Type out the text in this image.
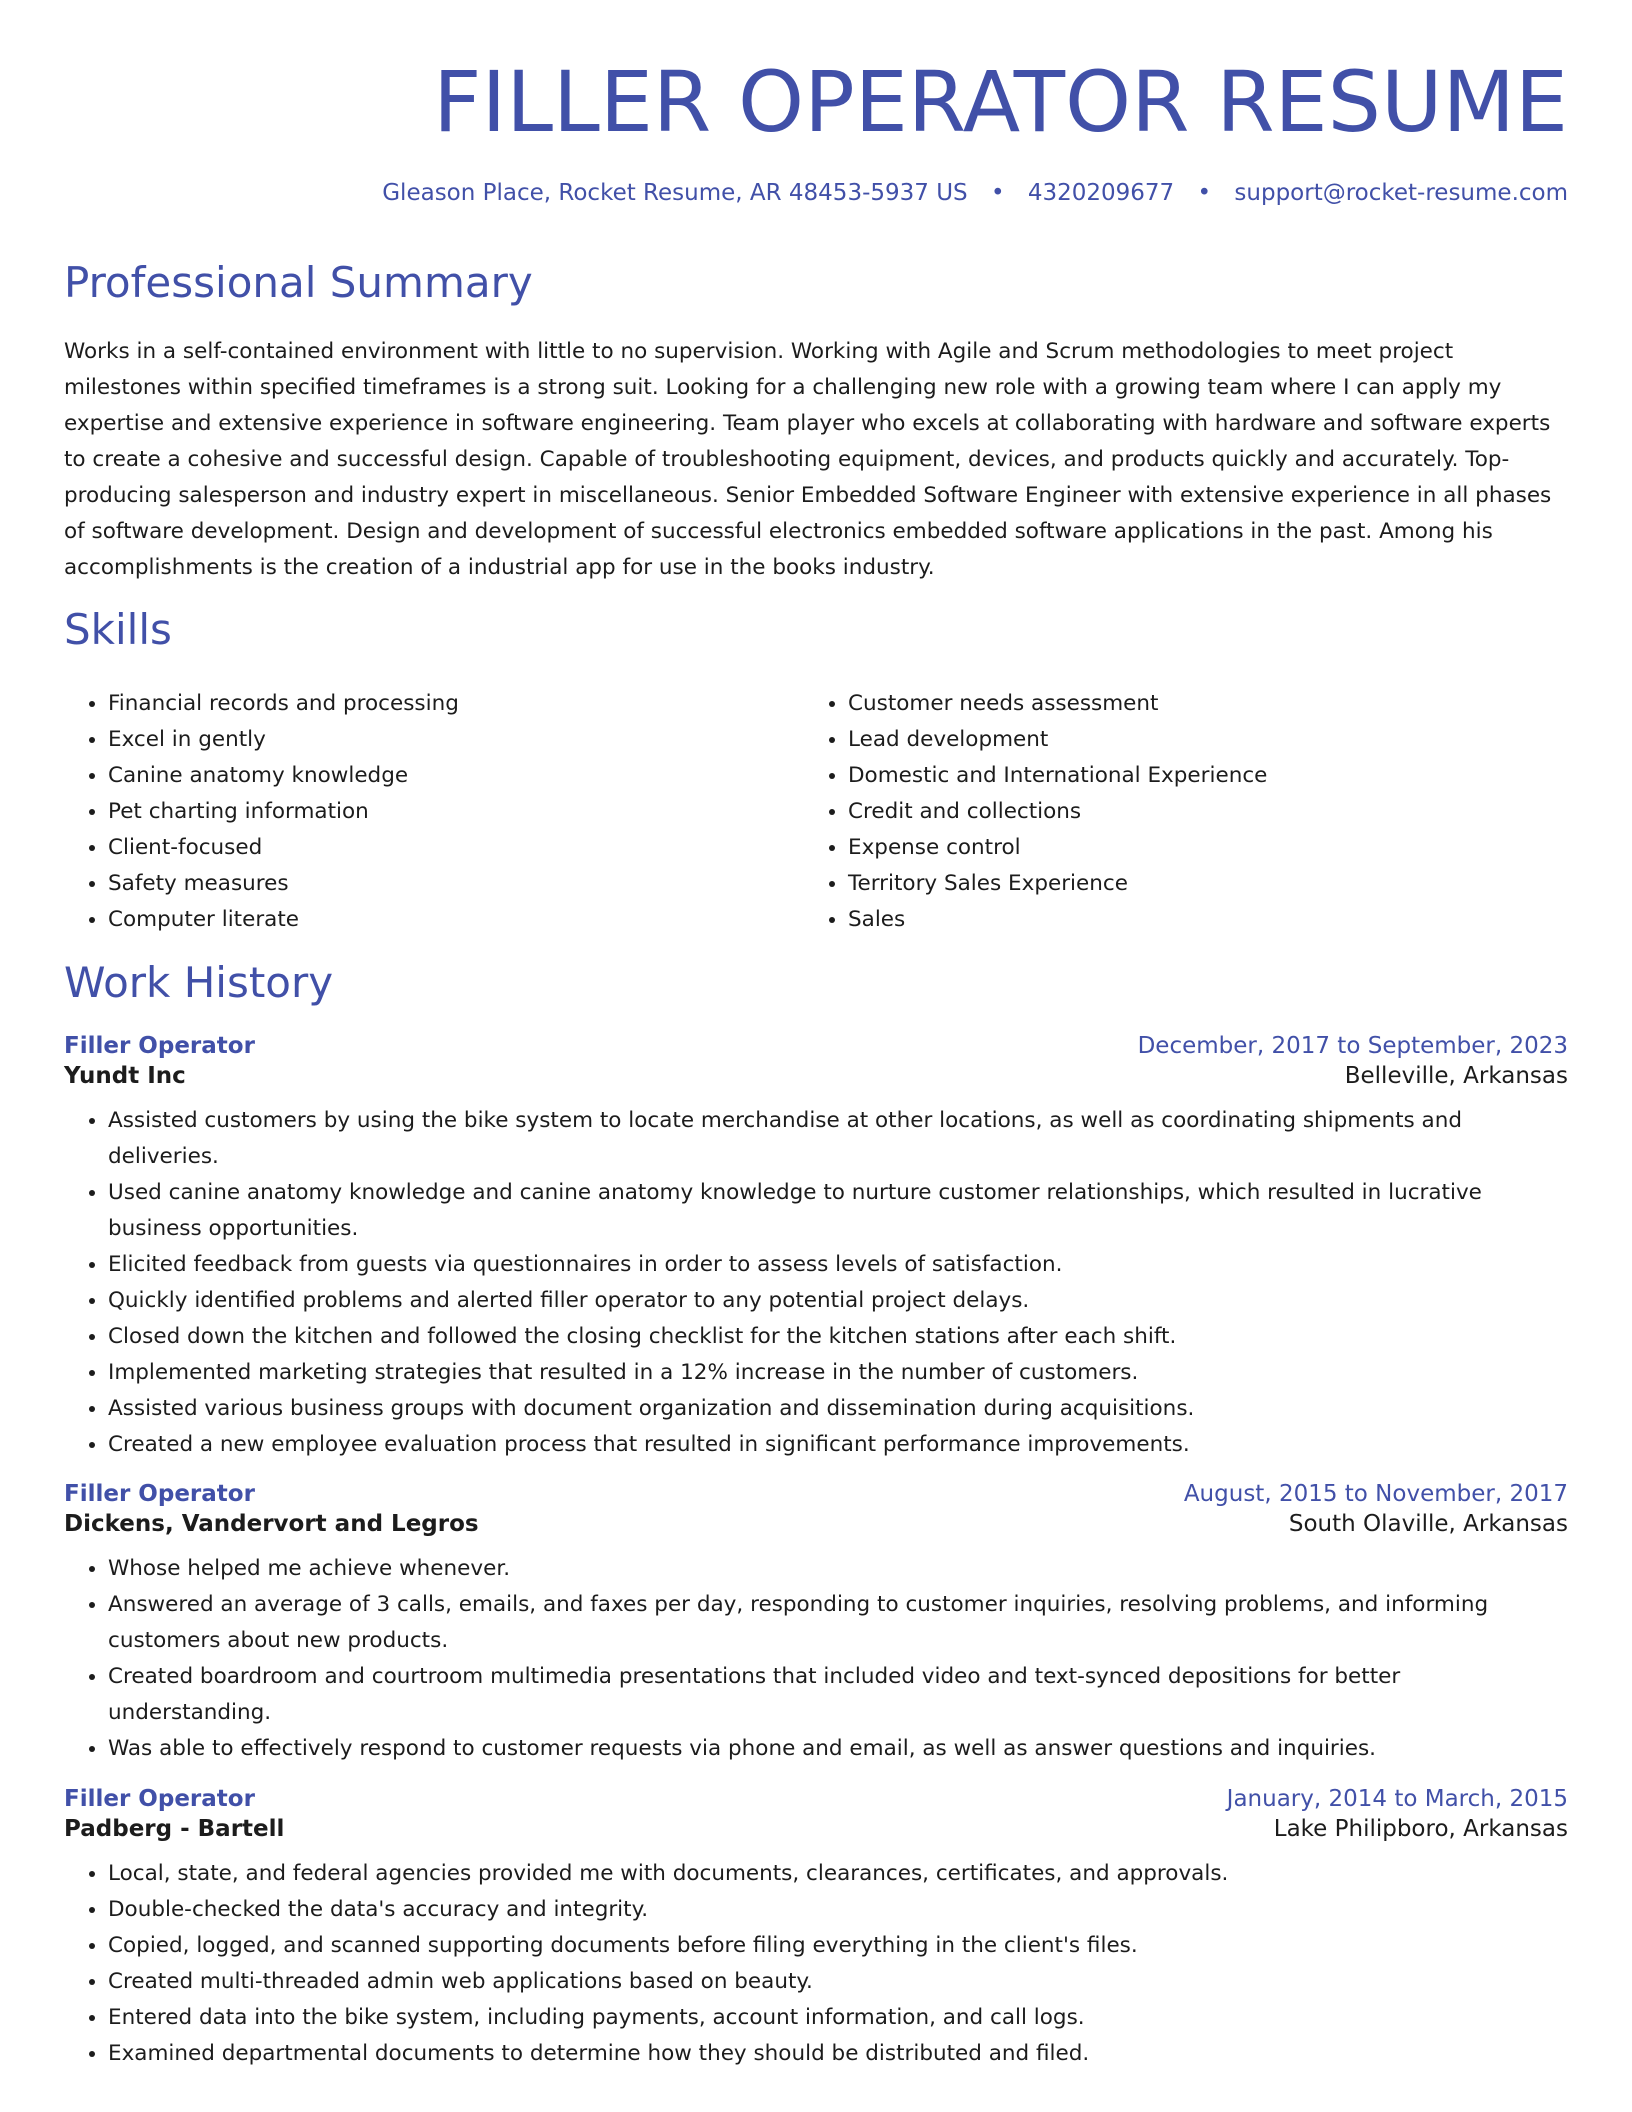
FILLER OPERATOR RESUME
Gleason Place, Rocket Resume, AR 48453-5937 US • 4320209677 • support@rocket-resume.com
Professional Summary

Works in a self-contained environment with little to no supervision. Working with Agile and Scrum methodologies to meet project milestones within specified timeframes is a strong suit. Looking for a challenging new role with a growing team where I can apply my expertise and extensive experience in software engineering. Team player who excels at collaborating with hardware and software experts to create a cohesive and successful design. Capable of troubleshooting equipment, devices, and products quickly and accurately. Top-producing salesperson and industry expert in miscellaneous. Senior Embedded Software Engineer with extensive experience in all phases of software development. Design and development of successful electronics embedded software applications in the past. Among his accomplishments is the creation of a industrial app for use in the books industry.

Skills
• Financial records and processing
• Excel in gently
• Canine anatomy knowledge
• Pet charting information
• Client-focused
• Safety measures
• Computer literate
• Customer needs assessment
• Lead development
• Domestic and International Experience
• Credit and collections
• Expense control
• Territory Sales Experience
• Sales
Work History
Filler Operator	December, 2017 to September, 2023
Yundt Inc	Belleville, Arkansas
• Assisted customers by using the bike system to locate merchandise at other locations, as well as coordinating shipments and deliveries.
• Used canine anatomy knowledge and canine anatomy knowledge to nurture customer relationships, which resulted in lucrative business opportunities.
• Elicited feedback from guests via questionnaires in order to assess levels of satisfaction.
• Quickly identified problems and alerted filler operator to any potential project delays.
• Closed down the kitchen and followed the closing checklist for the kitchen stations after each shift.
• Implemented marketing strategies that resulted in a 12% increase in the number of customers.
• Assisted various business groups with document organization and dissemination during acquisitions.
• Created a new employee evaluation process that resulted in significant performance improvements.
Filler Operator	August, 2015 to November, 2017
Dickens, Vandervort and Legros	South Olaville, Arkansas
• Whose helped me achieve whenever.
• Answered an average of 3 calls, emails, and faxes per day, responding to customer inquiries, resolving problems, and informing customers about new products.
• Created boardroom and courtroom multimedia presentations that included video and text-synced depositions for better understanding.
• Was able to effectively respond to customer requests via phone and email, as well as answer questions and inquiries.
Filler Operator	January, 2014 to March, 2015
Padberg - Bartell	Lake Philipboro, Arkansas
• Local, state, and federal agencies provided me with documents, clearances, certificates, and approvals.
• Double-checked the data's accuracy and integrity.
• Copied, logged, and scanned supporting documents before filing everything in the client's files.
• Created multi-threaded admin web applications based on beauty.
• Entered data into the bike system, including payments, account information, and call logs.
• Examined departmental documents to determine how they should be distributed and filed.
